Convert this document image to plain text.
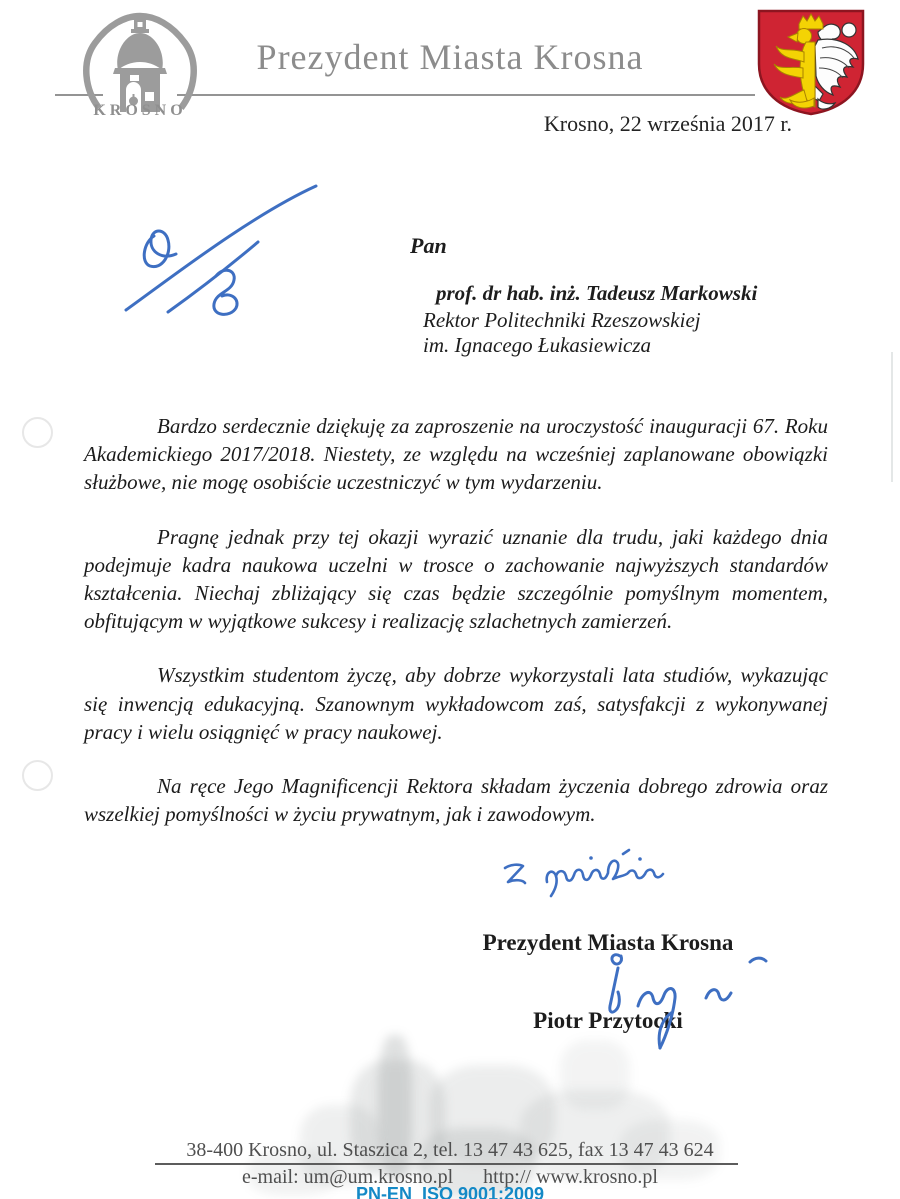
KROSNO
Prezydent Miasta Krosna
Krosno, 22 września 2017 r.

Pan

prof. dr hab. inż. Tadeusz Markowski

Rektor Politechniki Rzeszowskiej

im. Ignacego Łukasiewicza

Bardzo serdecznie dziękuję za zaproszenie na uroczystość inauguracji 67. Roku Akademickiego 2017/2018. Niestety, ze względu na wcześniej zaplanowane obowiązki służbowe, nie mogę osobiście uczestniczyć w tym wydarzeniu.

Pragnę jednak przy tej okazji wyrazić uznanie dla trudu, jaki każdego dnia podejmuje kadra naukowa uczelni w trosce o zachowanie najwyższych standardów kształcenia. Niechaj zbliżający się czas będzie szczególnie pomyślnym momentem, obfitującym w wyjątkowe sukcesy i realizację szlachetnych zamierzeń.

Wszystkim studentom życzę, aby dobrze wykorzystali lata studiów, wykazując się inwencją edukacyjną. Szanownym wykładowcom zaś, satysfakcji z wykonywanej pracy i wielu osiągnięć w pracy naukowej.

Na ręce Jego Magnificencji Rektora składam życzenia dobrego zdrowia oraz wszelkiej pomyślności w życiu prywatnym, jak i zawodowym.

Prezydent Miasta Krosna
Piotr Przytocki
38-400 Krosno, ul. Staszica 2, tel. 13 47 43 625, fax 13 47 43 624
e-mail: um@um.krosno.pl http:// www.krosno.pl
PN-EN  ISO 9001:2009
